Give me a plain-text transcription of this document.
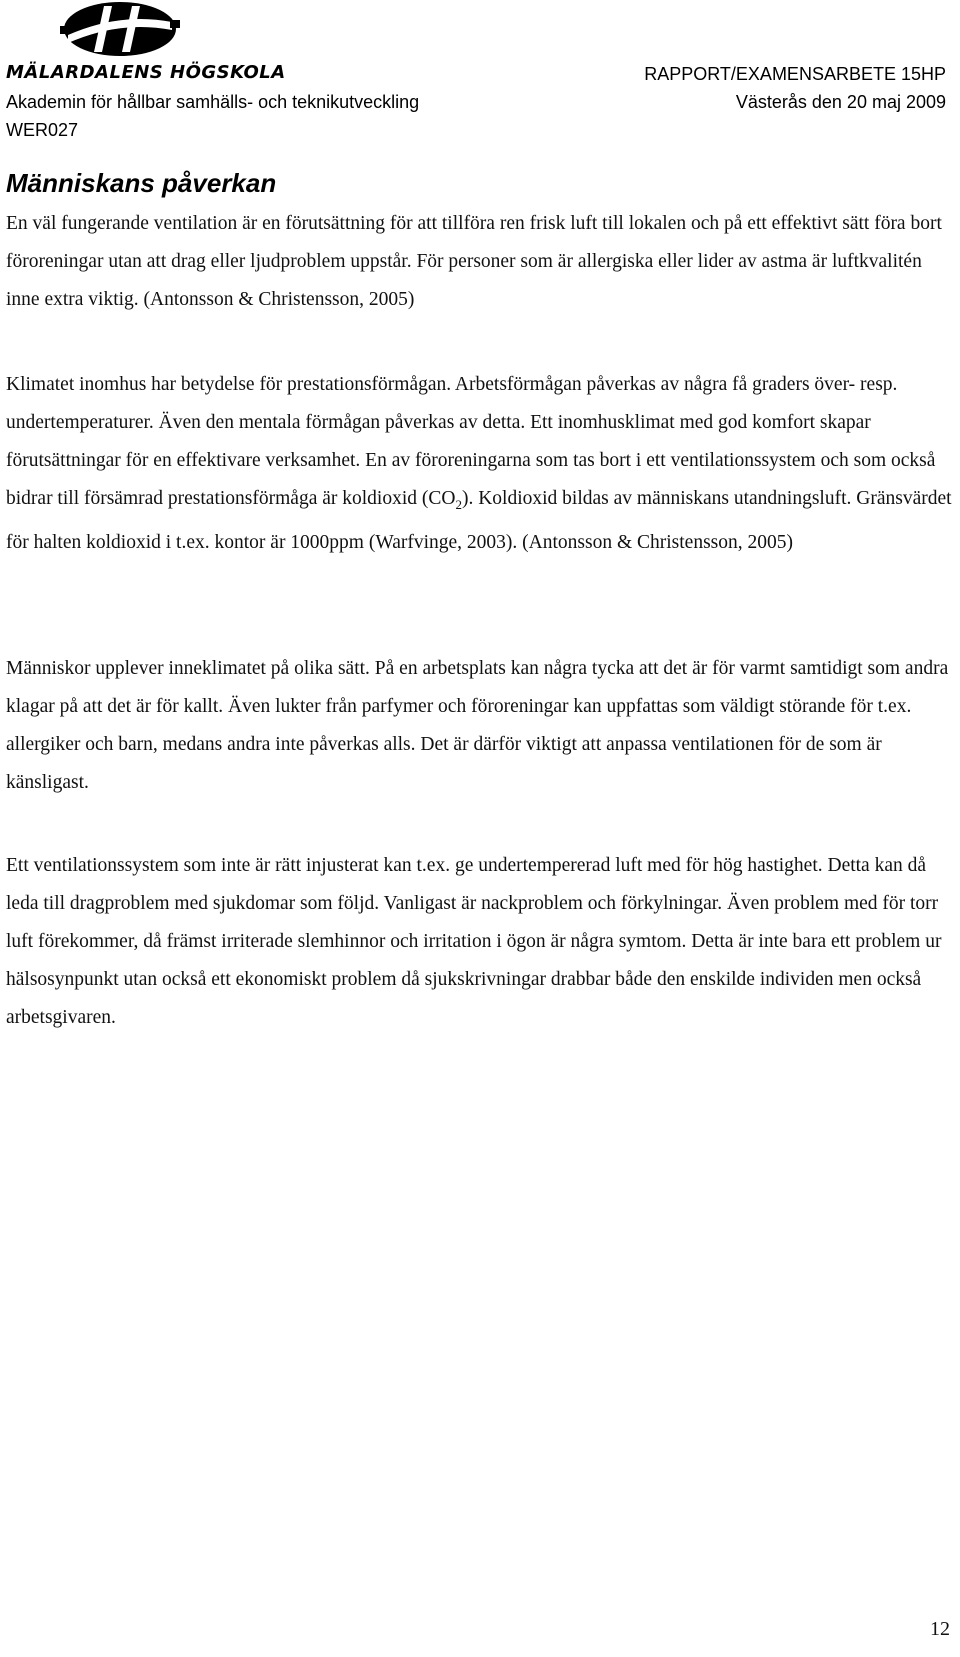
MÄLARDALENS HÖGSKOLA
Akademin för hållbar samhälls- och teknikutveckling
WER027
RAPPORT/EXAMENSARBETE 15HP
Västerås den 20 maj 2009
Människans påverkan

En väl fungerande ventilation är en förutsättning för att tillföra ren frisk luft till lokalen och på ett effektivt sätt föra bort föroreningar utan att drag eller ljudproblem uppstår. För personer som är allergiska eller lider av astma är luftkvalitén inne extra viktig. (Antonsson & Christensson, 2005)

Klimatet inomhus har betydelse för prestationsförmågan. Arbetsförmågan påverkas av några få graders över- resp. undertemperaturer. Även den mentala förmågan påverkas av detta. Ett inomhusklimat med god komfort skapar förutsättningar för en effektivare verksamhet. En av föroreningarna som tas bort i ett ventilationssystem och som också bidrar till försämrad prestationsförmåga är koldioxid $(CO_2)$. Koldioxid bildas av människans utandningsluft. Gränsvärdet för halten koldioxid i t.ex. kontor är 1000ppm (Warfvinge, 2003). (Antonsson & Christensson, 2005)

Människor upplever inneklimatet på olika sätt. På en arbetsplats kan några tycka att det är för varmt samtidigt som andra klagar på att det är för kallt. Även lukter från parfymer och föroreningar kan uppfattas som väldigt störande för t.ex. allergiker och barn, medans andra inte påverkas alls. Det är därför viktigt att anpassa ventilationen för de som är känsligast.

Ett ventilationssystem som inte är rätt injusterat kan t.ex. ge undertempererad luft med för hög hastighet. Detta kan då leda till dragproblem med sjukdomar som följd. Vanligast är nackproblem och förkylningar. Även problem med för torr luft förekommer, då främst irriterade slemhinnor och irritation i ögon är några symtom. Detta är inte bara ett problem ur hälsosynpunkt utan också ett ekonomiskt problem då sjukskrivningar drabbar både den enskilde individen men också arbetsgivaren.

12
